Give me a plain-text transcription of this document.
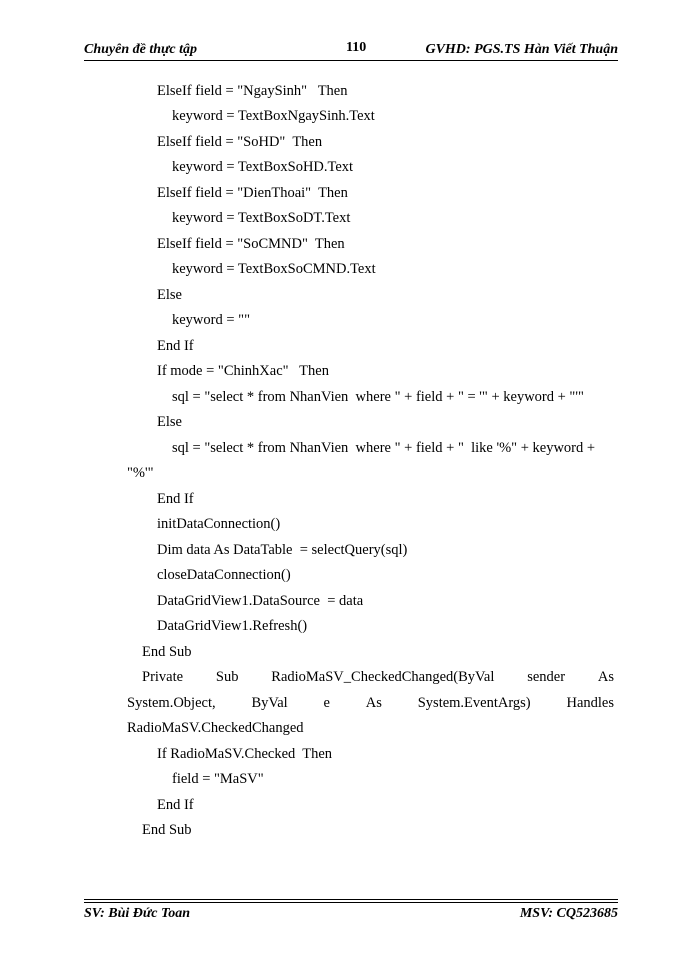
Chuyên đề thực tập	110	GVHD: PGS.TS Hàn Viết Thuận
ElseIf field = "NgaySinh"   Then
keyword = TextBoxNgaySinh.Text
ElseIf field = "SoHD"  Then
keyword = TextBoxSoHD.Text
ElseIf field = "DienThoai"  Then
keyword = TextBoxSoDT.Text
ElseIf field = "SoCMND"  Then
keyword = TextBoxSoCMND.Text
Else
keyword = ""
End If
If mode = "ChinhXac"   Then
sql = "select * from NhanVien  where " + field + " = '" + keyword + "'"
Else
sql = "select * from NhanVien  where " + field + "  like '%" + keyword +
"%'"
End If
initDataConnection()
Dim data As DataTable  = selectQuery(sql)
closeDataConnection()
DataGridView1.DataSource  = data
DataGridView1.Refresh()
End Sub
Private Sub RadioMaSV_CheckedChanged(ByVal sender As
System.Object, ByVal e As System.EventArgs) Handles
RadioMaSV.CheckedChanged
If RadioMaSV.Checked  Then
field = "MaSV"
End If
End Sub
SV: Bùi Đức Toan	MSV: CQ523685
